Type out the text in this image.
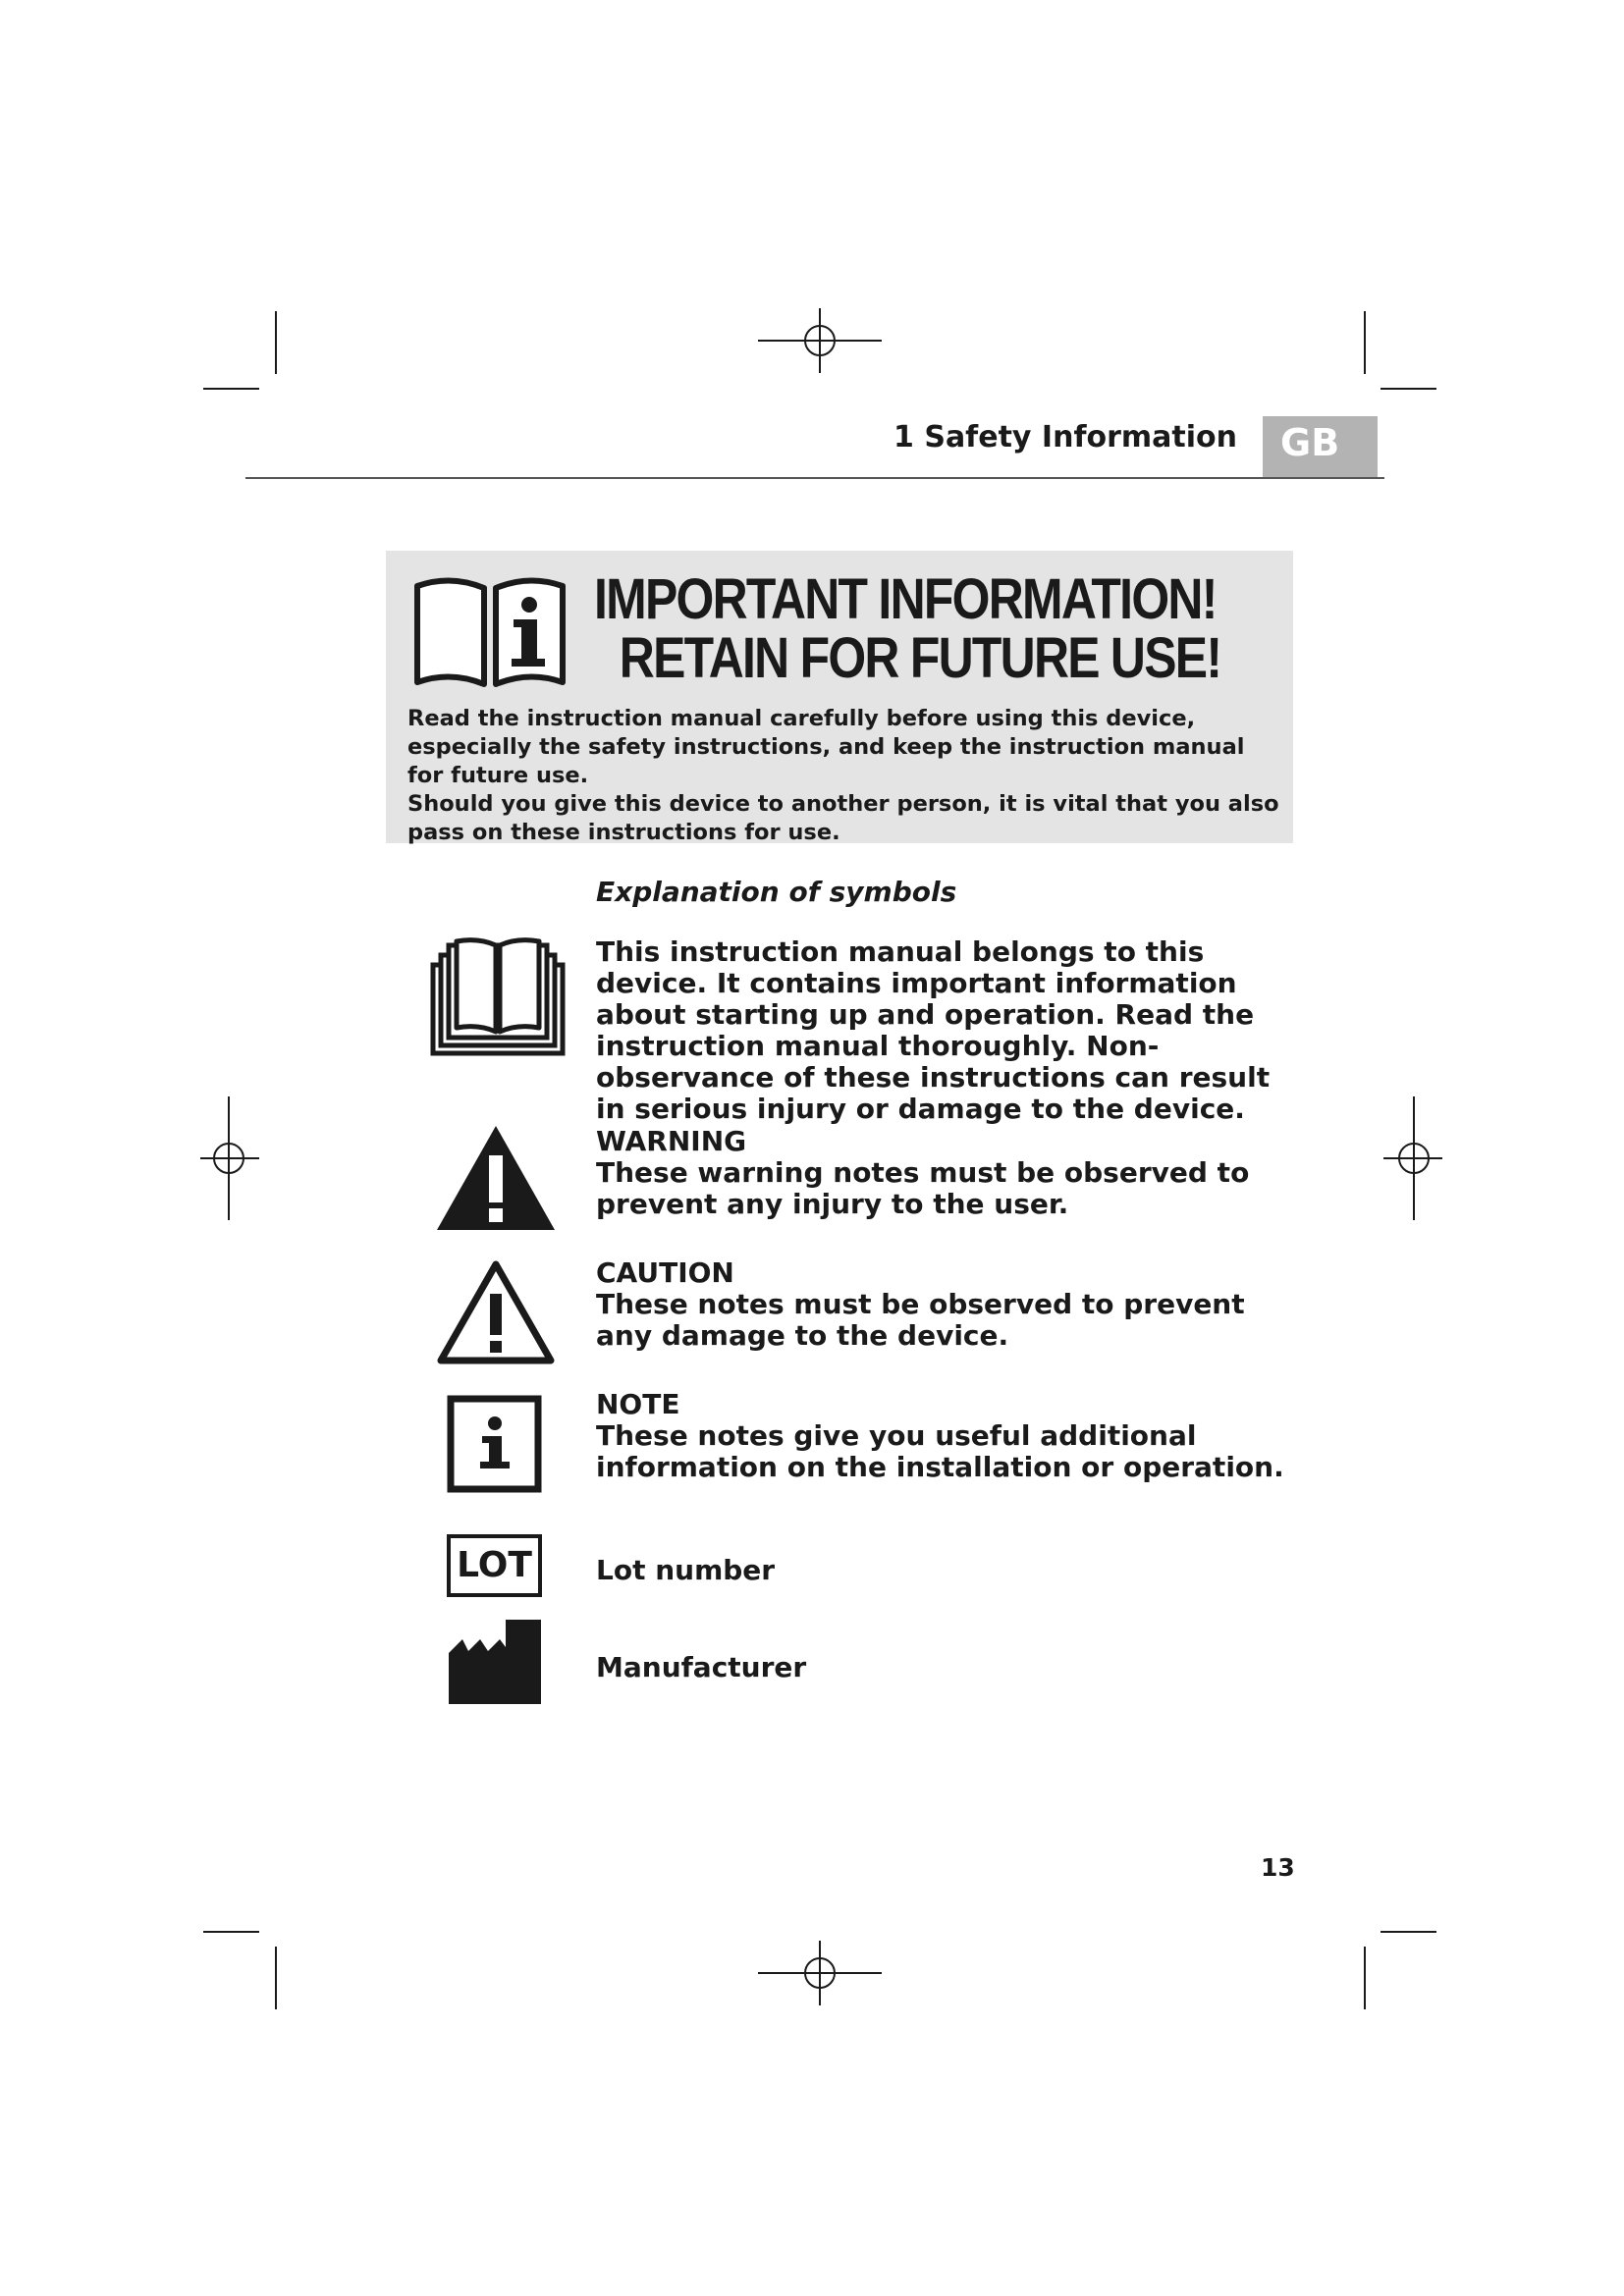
1 Safety Information	GB
IMPORTANT INFORMATION!
RETAIN FOR FUTURE USE!

Read the instruction manual carefully before using this device, especially the safety instructions, and keep the instruction manual for future use.

Should you give this device to another person, it is vital that you also pass on these instructions for use.

Explanation of symbols

This instruction manual belongs to this device. It contains important information about starting up and operation. Read the instruction manual thoroughly. Non-observance of these instructions can result in serious injury or damage to the device.

WARNING

These warning notes must be observed to prevent any injury to the user.

CAUTION

These notes must be observed to prevent any damage to the device.

NOTE

These notes give you useful additional information on the installation or operation.

LOT	Lot number

Manufacturer

13
